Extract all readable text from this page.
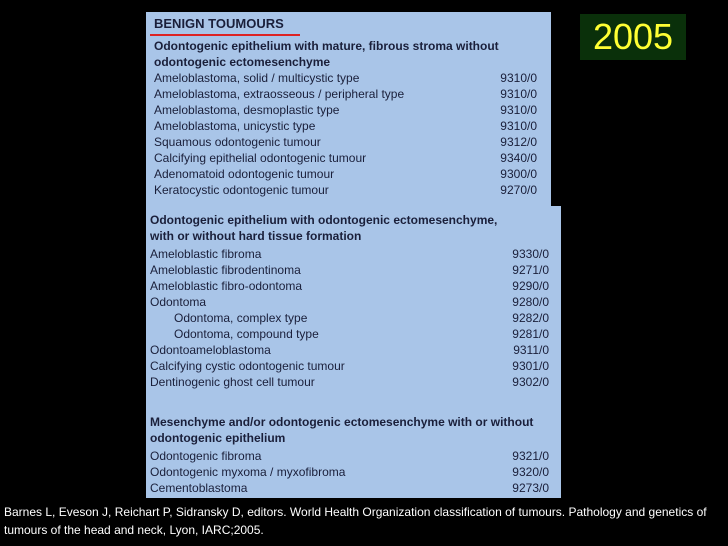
BENIGN TOUMOURS
Odontogenic epithelium with mature, fibrous stroma without
odontogenic ectomesenchyme
Ameloblastoma, solid / multicystic type	9310/0
Ameloblastoma, extraosseous / peripheral type	9310/0
Ameloblastoma, desmoplastic type	9310/0
Ameloblastoma, unicystic type	9310/0
Squamous odontogenic tumour	9312/0
Calcifying epithelial odontogenic tumour	9340/0
Adenomatoid odontogenic tumour	9300/0
Keratocystic odontogenic tumour	9270/0
Odontogenic epithelium with odontogenic ectomesenchyme,
with or without hard tissue formation
Ameloblastic fibroma	9330/0
Ameloblastic fibrodentinoma	9271/0
Ameloblastic fibro-odontoma	9290/0
Odontoma	9280/0
Odontoma, complex type	9282/0
Odontoma, compound type	9281/0
Odontoameloblastoma	9311/0
Calcifying cystic odontogenic tumour	9301/0
Dentinogenic ghost cell tumour	9302/0
Mesenchyme and/or odontogenic ectomesenchyme with or without
odontogenic epithelium
Odontogenic fibroma	9321/0
Odontogenic myxoma / myxofibroma	9320/0
Cementoblastoma	9273/0
2005
Barnes L, Eveson J, Reichart P, Sidransky D, editors. World Health Organization classification of tumours. Pathology and genetics of tumours of the head and neck, Lyon, IARC;2005.
